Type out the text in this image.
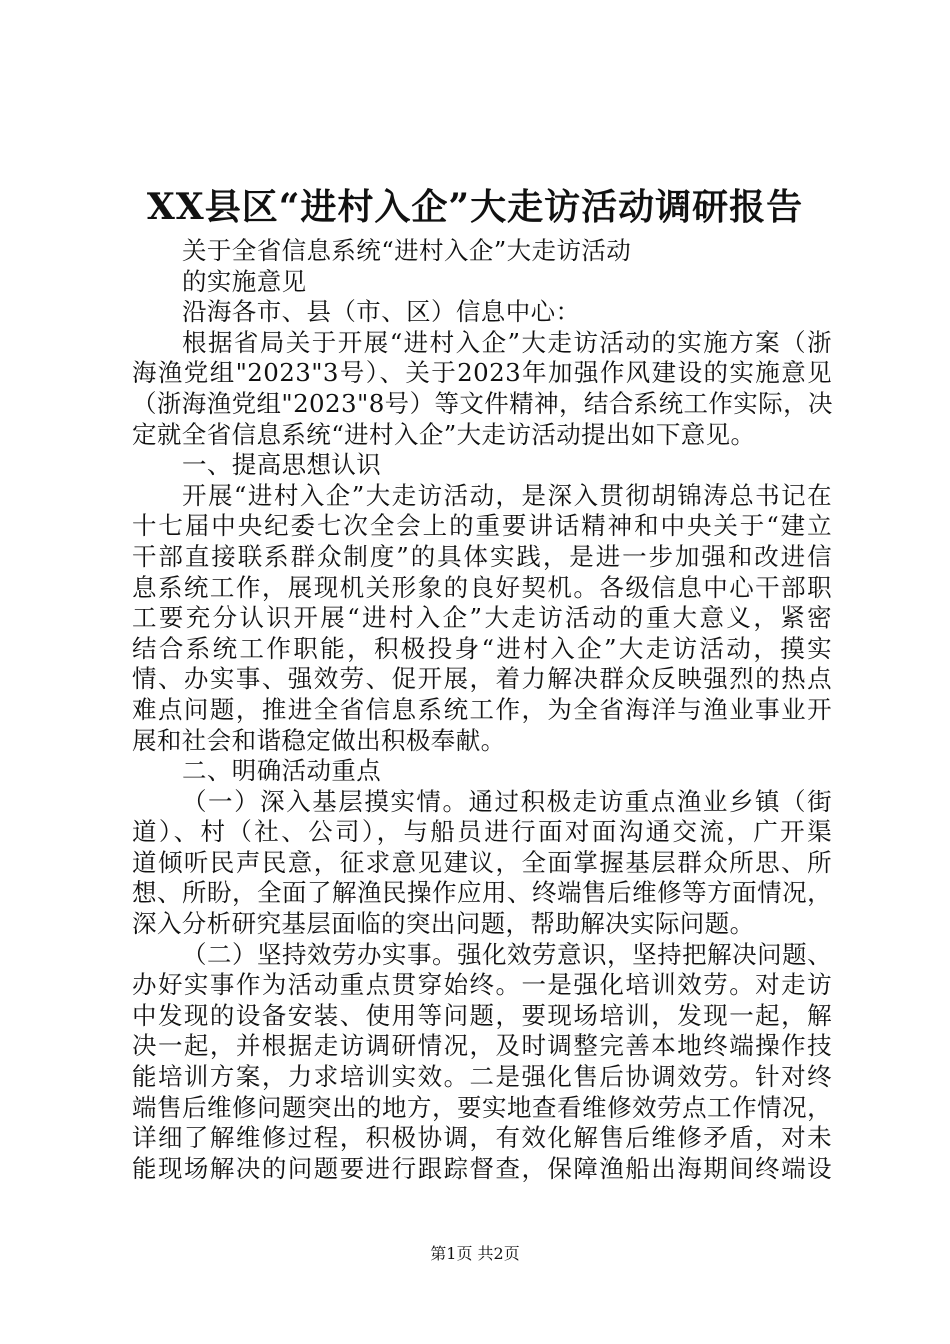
XX县区“进村入企”大走访活动调研报告
关于全省信息系统“进村入企”大走访活动
的实施意见
沿海各市、县（市、区）信息中心：
根据省局关于开展“进村入企”大走访活动的实施方案（浙
海渔党组"2023"3号）、关于2023年加强作风建设的实施意见
（浙海渔党组"2023"8号）等文件精神，结合系统工作实际，决
定就全省信息系统“进村入企”大走访活动提出如下意见。
一、提高思想认识
开展“进村入企”大走访活动，是深入贯彻胡锦涛总书记在
十七届中央纪委七次全会上的重要讲话精神和中央关于“建立
干部直接联系群众制度”的具体实践，是进一步加强和改进信
息系统工作，展现机关形象的良好契机。各级信息中心干部职
工要充分认识开展“进村入企”大走访活动的重大意义，紧密
结合系统工作职能，积极投身“进村入企”大走访活动，摸实
情、办实事、强效劳、促开展，着力解决群众反映强烈的热点
难点问题，推进全省信息系统工作，为全省海洋与渔业事业开
展和社会和谐稳定做出积极奉献。
二、明确活动重点
（一）深入基层摸实情。通过积极走访重点渔业乡镇（街
道）、村（社、公司），与船员进行面对面沟通交流，广开渠
道倾听民声民意，征求意见建议，全面掌握基层群众所思、所
想、所盼，全面了解渔民操作应用、终端售后维修等方面情况，
深入分析研究基层面临的突出问题，帮助解决实际问题。
（二）坚持效劳办实事。强化效劳意识，坚持把解决问题、
办好实事作为活动重点贯穿始终。一是强化培训效劳。对走访
中发现的设备安装、使用等问题，要现场培训，发现一起，解
决一起，并根据走访调研情况，及时调整完善本地终端操作技
能培训方案，力求培训实效。二是强化售后协调效劳。针对终
端售后维修问题突出的地方，要实地查看维修效劳点工作情况，
详细了解维修过程，积极协调，有效化解售后维修矛盾，对未
能现场解决的问题要进行跟踪督查，保障渔船出海期间终端设
第1页 共2页
